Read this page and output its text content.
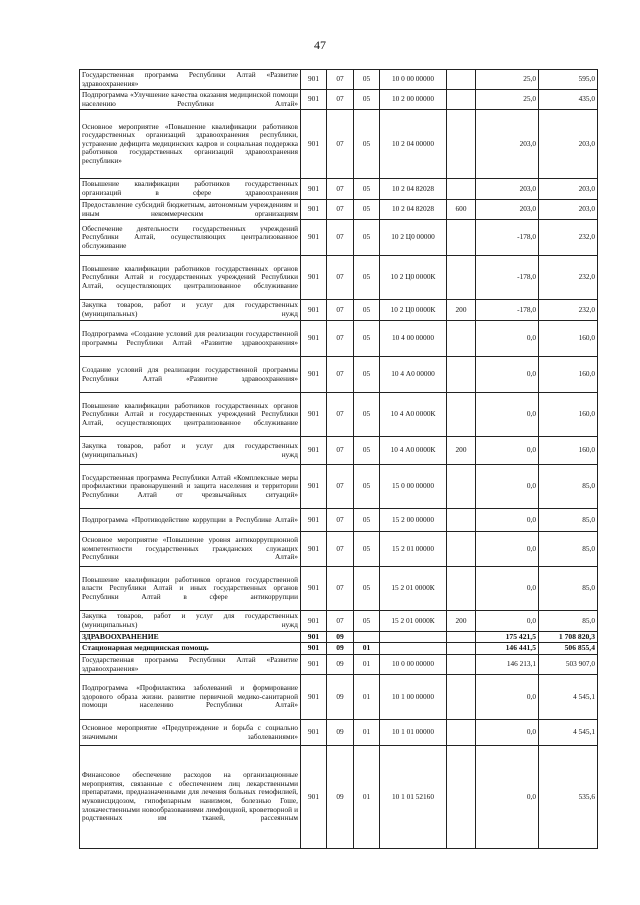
47
Государственная программа Республики Алтай «Развитие здравоохранения»	901	07	05	10 0 00 00000		25,0	595,0
Подпрограмма «Улучшение качества оказания медицинской помощи населению Республики Алтай»	901	07	05	10 2 00 00000		25,0	435,0
Основное мероприятие «Повышение квалификации работников государственных организаций здравоохранения республики, устранение дефицита медицинских кадров и социальная поддержка работников государственных организаций здравоохранения республики»	901	07	05	10 2 04 00000		203,0	203,0
Повышение квалификации работников государственных организаций в сфере здравоохранения	901	07	05	10 2 04 82028		203,0	203,0
Предоставление субсидий бюджетным, автономным учреждениям и иным некоммерческим организациям	901	07	05	10 2 04 82028	600	203,0	203,0
Обеспечение деятельности государственных учреждений Республики Алтай, осуществляющих централизованное обслуживание	901	07	05	10 2 Ц0 00000		-178,0	232,0
Повышение квалификации работников государственных органов Республики Алтай и государственных учреждений Республики Алтай, осуществляющих централизованное обслуживание	901	07	05	10 2 Ц0 0000К		-178,0	232,0
Закупка товаров, работ и услуг для государственных (муниципальных) нужд	901	07	05	10 2 Ц0 0000К	200	-178,0	232,0
Подпрограмма «Создание условий для реализации государственной программы Республики Алтай «Развитие здравоохранения»	901	07	05	10 4 00 00000		0,0	160,0
Создание условий для реализации государственной программы Республики Алтай «Развитие здравоохранения»	901	07	05	10 4 А0 00000		0,0	160,0
Повышение квалификации работников государственных органов Республики Алтай и государственных учреждений Республики Алтай, осуществляющих централизованное обслуживание	901	07	05	10 4 А0 0000К		0,0	160,0
Закупка товаров, работ и услуг для государственных (муниципальных) нужд	901	07	05	10 4 А0 0000К	200	0,0	160,0
Государственная программа Республики Алтай «Комплексные меры профилактики правонарушений и защита населения и территории Республики Алтай от чрезвычайных ситуаций»	901	07	05	15 0 00 00000		0,0	85,0
Подпрограмма «Противодействие коррупции в Республике Алтай»	901	07	05	15 2 00 00000		0,0	85,0
Основное мероприятие «Повышение уровня антикоррупционной компетентности государственных гражданских служащих Республики Алтай»	901	07	05	15 2 01 00000		0,0	85,0
Повышение квалификации работников органов государственной власти Республики Алтай и иных государственных органов Республики Алтай в сфере антикоррупции	901	07	05	15 2 01 0000К		0,0	85,0
Закупка товаров, работ и услуг для государственных (муниципальных) нужд	901	07	05	15 2 01 0000К	200	0,0	85,0
ЗДРАВООХРАНЕНИЕ	901	09				175 421,5	1 708 820,3
Стационарная медицинская помощь	901	09	01			146 441,5	506 855,4
Государственная программа Республики Алтай «Развитие здравоохранения»	901	09	01	10 0 00 00000		146 213,1	503 907,0
Подпрограмма «Профилактика заболеваний и формирование здорового образа жизни. развитие первичной медико-санитарной помощи населению Республики Алтай»	901	09	01	10 1 00 00000		0,0	4 545,1
Основное мероприятие «Предупреждение и борьба с социально значимыми заболеваниями»	901	09	01	10 1 01 00000		0,0	4 545,1
Финансовое обеспечение расходов на организационные мероприятия, связанные с обеспечением лиц лекарственными препаратами, предназначенными для лечения больных гемофилией, муковисцидозом, гипофизарным нанизмом, болезнью Гоше, злокачественными новообразованиями лимфоидной, кроветворной и родственных им тканей, рассеянным	901	09	01	10 1 01 52160		0,0	535,6
